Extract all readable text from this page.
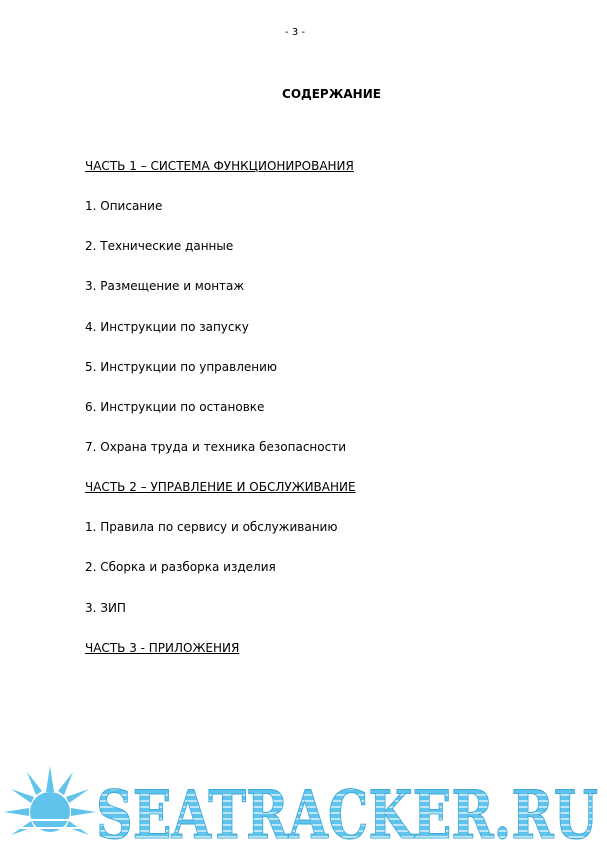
- 3 -
СОДЕРЖАНИЕ
ЧАСТЬ 1 – СИСТЕМА ФУНКЦИОНИРОВАНИЯ
1. Описание
2. Технические данные
3. Размещение и монтаж
4. Инструкции по запуску
5. Инструкции по управлению
6. Инструкции по остановке
7. Охрана труда и техника безопасности
ЧАСТЬ 2 – УПРАВЛЕНИЕ И ОБСЛУЖИВАНИЕ
1. Правила по сервису и обслуживанию
2. Сборка и разборка изделия
3. ЗИП
ЧАСТЬ 3 - ПРИЛОЖЕНИЯ
SEATRACKER.RU
